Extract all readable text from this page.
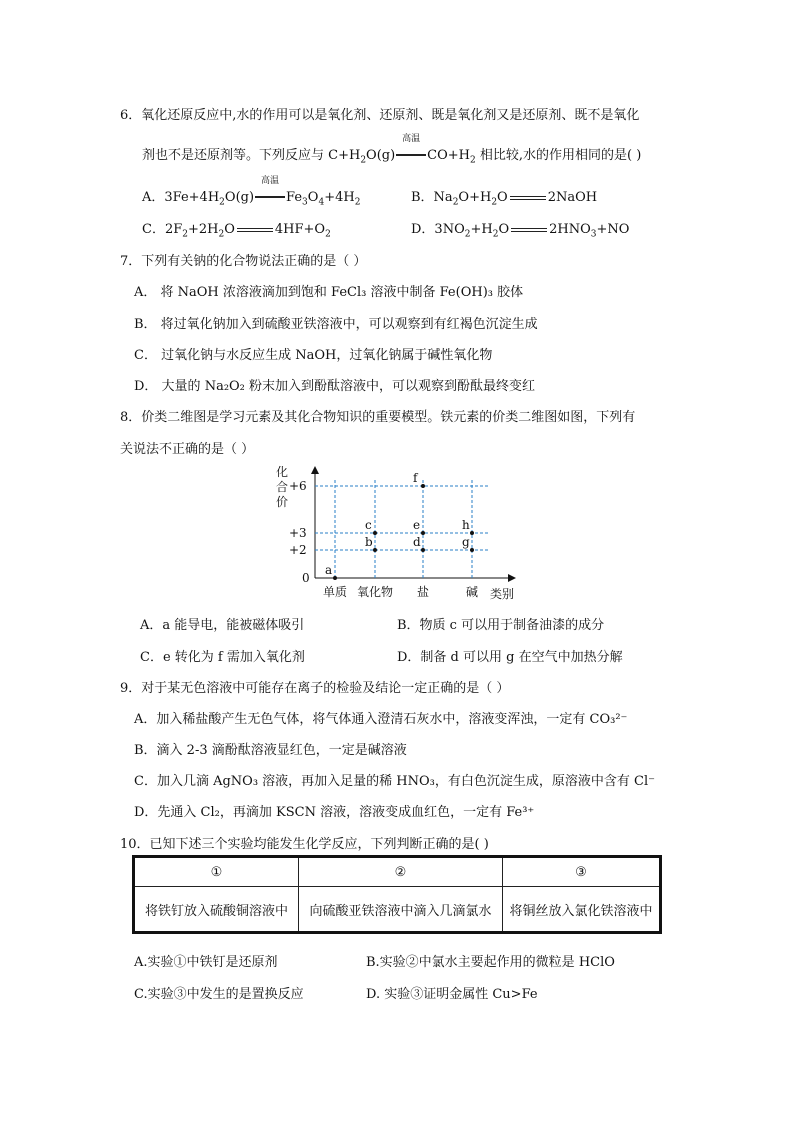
6．氧化还原反应中,水的作用可以是氧化剂、还原剂、既是氧化剂又是还原剂、既不是氧化
剂也不是还原剂等。下列反应与 $C+H_2O(g)$
高温
$CO+H_2$ 相比较,水的作用相同的是( )
A．$3Fe+4H_2O(g)$
高温
$Fe_3O_4+4H_2$	B．$Na_2O+H_2O$	2NaOH
C．$2F_2+2H_2O$	$4HF+O_2$	D．$3NO_2+H_2O$	$2HNO_3+NO$
7．下列有关钠的化合物说法正确的是（ ）
A． 将 NaOH 浓溶液滴加到饱和 FeCl₃ 溶液中制备 Fe(OH)₃ 胶体
B． 将过氧化钠加入到硫酸亚铁溶液中，可以观察到有红褐色沉淀生成
C． 过氧化钠与水反应生成 NaOH，过氧化钠属于碱性氧化物
D． 大量的 Na₂O₂ 粉末加入到酚酞溶液中，可以观察到酚酞最终变红
8．价类二维图是学习元素及其化合物知识的重要模型。铁元素的价类二维图如图，下列有
关说法不正确的是（ ）
化
合
价
+6
+3
+2
0
单质 氧化物 盐	碱 类别
a
b
c
d
e
f
g
h
A．a 能导电，能被磁体吸引	B．物质 c 可以用于制备油漆的成分
C．e 转化为 f 需加入氧化剂	D．制备 d 可以用 g 在空气中加热分解
9．对于某无色溶液中可能存在离子的检验及结论一定正确的是（ ）
A．加入稀盐酸产生无色气体，将气体通入澄清石灰水中，溶液变浑浊，一定有 CO₃²⁻
B．滴入 2-3 滴酚酞溶液显红色，一定是碱溶液
C．加入几滴 AgNO₃ 溶液，再加入足量的稀 HNO₃，有白色沉淀生成，原溶液中含有 Cl⁻
D．先通入 Cl₂，再滴加 KSCN 溶液，溶液变成血红色，一定有 Fe³⁺
10．已知下述三个实验均能发生化学反应，下列判断正确的是( )
①	②	③
将铁钉放入硫酸铜溶液中	向硫酸亚铁溶液中滴入几滴氯水	将铜丝放入氯化铁溶液中
A.实验①中铁钉是还原剂	B.实验②中氯水主要起作用的微粒是 HClO
C.实验③中发生的是置换反应	D. 实验③证明金属性 Cu>Fe
